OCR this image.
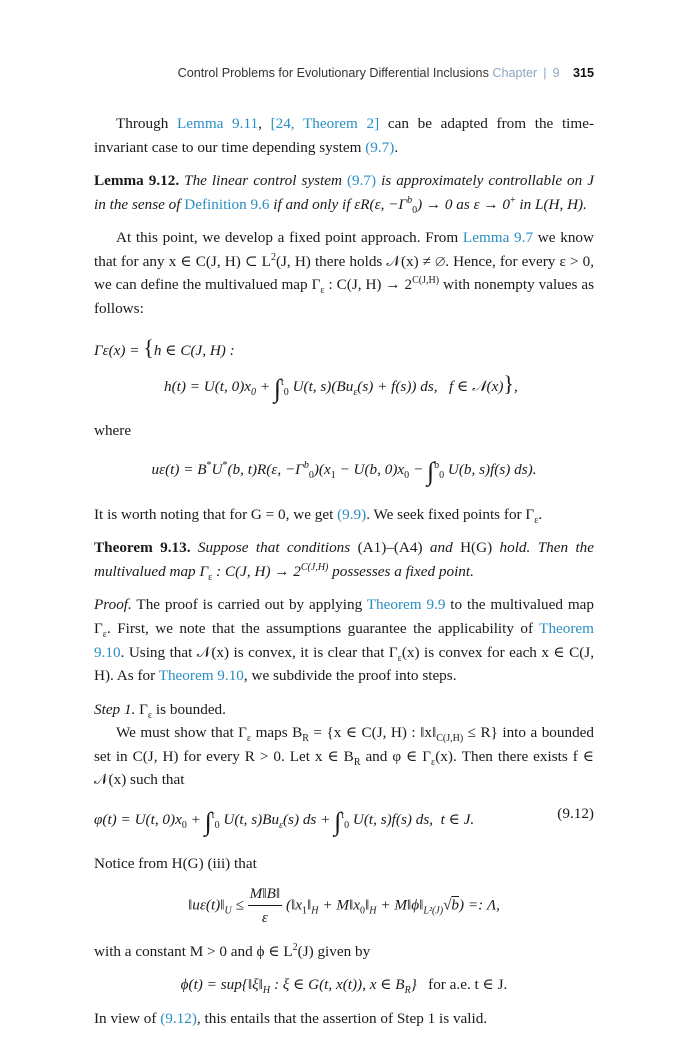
Control Problems for Evolutionary Differential Inclusions Chapter | 9 315

Through Lemma 9.11, [24, Theorem 2] can be adapted from the time-invariant case to our time depending system (9.7).

Lemma 9.12. The linear control system (9.7) is approximately controllable on J in the sense of Definition 9.6 if and only if εR(ε, $-\Gamma^b_0) \to 0$ as ε → 0+ in L(H, H).

At this point, we develop a fixed point approach. From Lemma 9.7 we know that for any x ∈ C(J, H) ⊂ $L^2(J$, H) there holds 𝒩(x) ≠ ∅. Hence, for every ε > 0, we can define the multivalued map $\Gamma_\varepsilon$ : C(J, $H) \to 2^{C(J,H)}$ with nonempty values as follows:

Γε(x) = {h ∈ C(J, H) :
h(t) = U(t, $0)x_0 + \int^t_0$ U(t, $s)(Bu_\varepsilon(s) + f(s))$ ds, f ∈ 𝒩(x)},

where

uε(t) = B*U*(b, t)R(ε, $-\Gamma^b_0)(x_1 - U(b$, $0)x_0 - \int^b_0$ U(b, s)f(s) ds).

It is worth noting that for G = 0, we get (9.9). We seek fixed points for $\Gamma_\varepsilon$.

Theorem 9.13. Suppose that conditions (A1)–(A4) and H(G) hold. Then the multivalued map $\Gamma_\varepsilon$ : C(J, $H) \to 2^{C(J,H)}$ possesses a fixed point.

Proof. The proof is carried out by applying Theorem 9.9 to the multivalued map $\Gamma_\varepsilon$. First, we note that the assumptions guarantee the applicability of Theorem 9.10. Using that 𝒩(x) is convex, it is clear that $\Gamma_\varepsilon(x)$ is convex for each x ∈ C(J, H). As for Theorem 9.10, we subdivide the proof into steps.

Step 1. $\Gamma_\varepsilon$ is bounded.

We must show that $\Gamma_\varepsilon$ maps $B_R = \{x$ ∈ C(J, H) : $‖x‖_{C(J,H)} \le R$} into a bounded set in C(J, H) for every R > 0. Let x ∈ $B_R$ and φ ∈ $\Gamma_\varepsilon(x)$. Then there exists f ∈ 𝒩(x) such that

φ(t) = U(t, $0)x_0 + \int^t_0$ U(t, $s)Bu_\varepsilon(s)$ ds + ∫$^t_0$ U(t, s)f(s) ds, t ∈ J.	(9.12)

Notice from H(G) (iii) that

$‖u\varepsilon(t)‖_U \le \frac{M‖B‖}{\varepsilon}$ ($‖x_1‖_H$ + $M‖x_0‖_H$ + $M‖\phi‖_{L^2(J)}√b$) =: Λ,

with a constant M > 0 and ϕ ∈ $L^2(J)$ given by

$\phi(t) = sup\{‖\xi‖_H$ : ξ ∈ G(t, x(t)), x ∈ $B_R$} for a.e. t ∈ J.

In view of (9.12), this entails that the assertion of Step 1 is valid.
